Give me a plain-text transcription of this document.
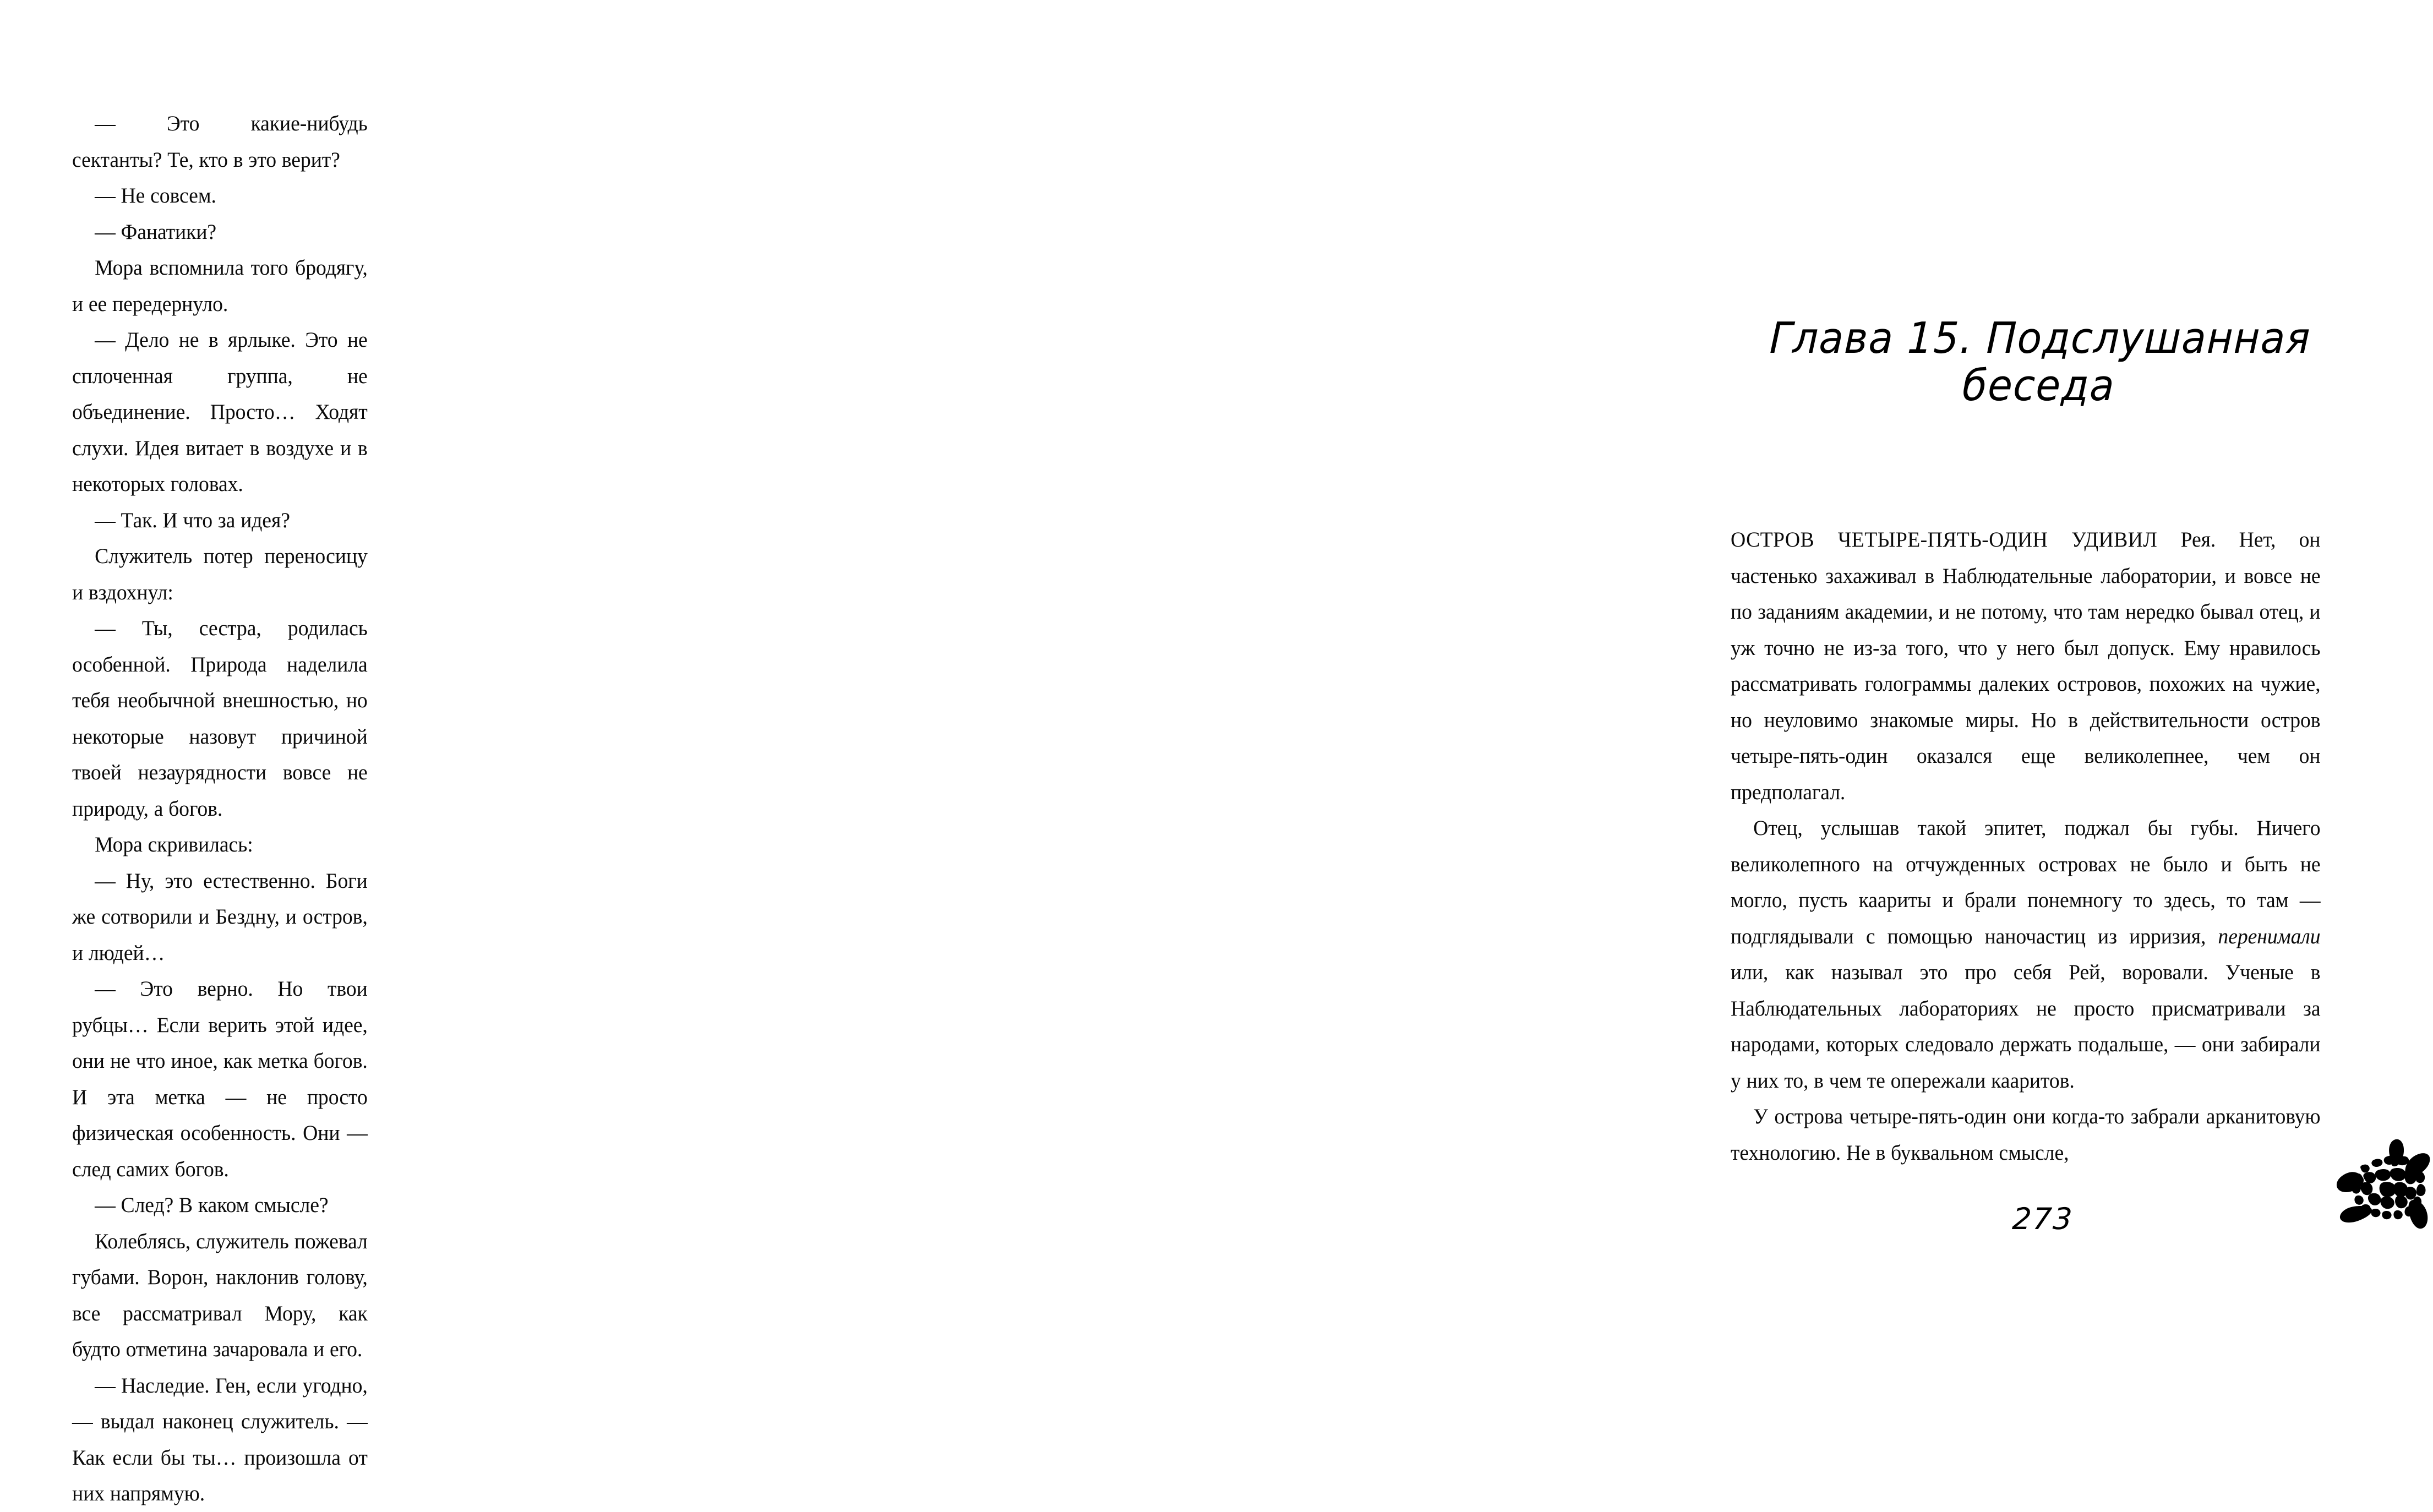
— Это какие-нибудь сектанты? Те, кто в это верит?

— Не совсем.

— Фанатики?

Мора вспомнила того бродягу, и ее передернуло.

— Дело не в ярлыке. Это не сплоченная группа, не объединение. Просто… Ходят слухи. Идея витает в воздухе и в некоторых головах.

— Так. И что за идея?

Служитель потер переносицу и вздохнул:

— Ты, сестра, родилась особенной. Природа наделила тебя необычной внешностью, но некоторые назовут причиной твоей незаурядности вовсе не природу, а богов.

Мора скривилась:

— Ну, это естественно. Боги же сотворили и Бездну, и остров, и людей…

— Это верно. Но твои рубцы… Если верить этой идее, они не что иное, как метка богов. И эта метка — не просто физическая особенность. Они — след самих богов.

— След? В каком смысле?

Колеблясь, служитель пожевал губами. Ворон, наклонив голову, все рассматривал Мору, как будто отметина зачаровала и его.

— Наследие. Ген, если угодно, — выдал наконец служитель. — Как если бы ты… произошла от них напрямую.

Глава 15. Подслушанная беседа

ОСТРОВ ЧЕТЫРЕ-ПЯТЬ-ОДИН УДИВИЛ Рея. Нет, он частенько захаживал в Наблюдательные лаборатории, и вовсе не по заданиям академии, и не потому, что там нередко бывал отец, и уж точно не из-за того, что у него был допуск. Ему нравилось рассматривать голограммы далеких островов, похожих на чужие, но неуловимо знакомые миры. Но в действительности остров четыре-пять-один оказался еще великолепнее, чем он предполагал.

Отец, услышав такой эпитет, поджал бы губы. Ничего великолепного на отчужденных островах не было и быть не могло, пусть каариты и брали понемногу то здесь, то там — подглядывали с помощью наночастиц из ирризия, перенимали или, как называл это про себя Рей, воровали. Ученые в Наблюдательных лабораториях не просто присматривали за народами, которых следовало держать подальше, — они забирали у них то, в чем те опережали кааритов.

У острова четыре-пять-один они когда-то забрали арканитовую технологию. Не в буквальном смысле,

273
